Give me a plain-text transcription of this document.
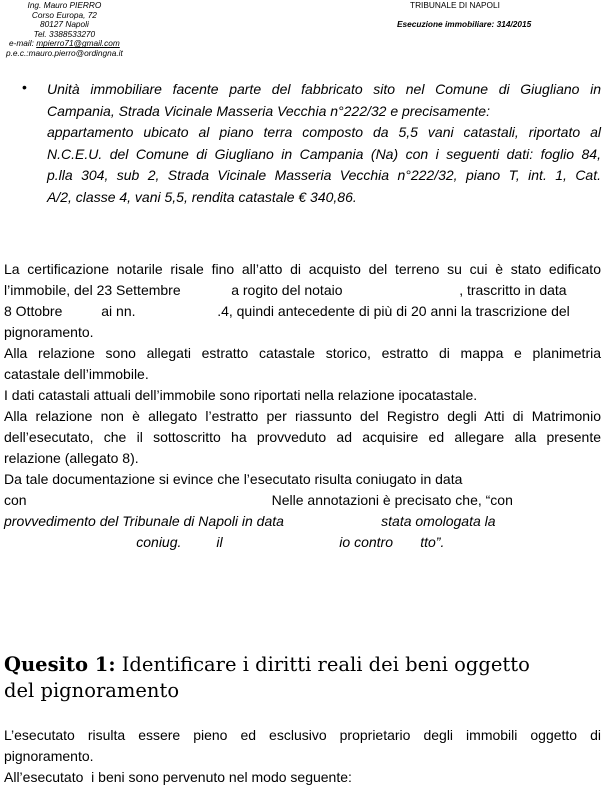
Ing. Mauro PIERRO
Corso Europa, 72
80127 Napoli
Tel. 3388533270
e-mail: mpierro71@gmail.com
p.e.c.:mauro.pierro@ordingna.it
TRIBUNALE DI NAPOLI
Esecuzione immobiliare: 314/2015
• Unità immobiliare facente parte del fabbricato sito nel Comune di Giugliano in
Campania, Strada Vicinale Masseria Vecchia n°222/32 e precisamente:
appartamento ubicato al piano terra composto da 5,5 vani catastali, riportato al
N.C.E.U. del Comune di Giugliano in Campania (Na) con i seguenti dati: foglio 84,
p.lla 304, sub 2, Strada Vicinale Masseria Vecchia n°222/32, piano T, int. 1, Cat.
A/2, classe 4, vani 5,5, rendita catastale € 340,86.
La certificazione notarile risale fino all’atto di acquisto del terreno su cui è stato edificato
l’immobile, del 23 Settembre             a rogito del notaio                              , trascritto in data
8 Ottobre          ai nn.                     .4, quindi antecedente di più di 20 anni la trascrizione del
pignoramento.
Alla relazione sono allegati estratto catastale storico, estratto di mappa e planimetria
catastale dell’immobile.
I dati catastali attuali dell’immobile sono riportati nella relazione ipocatastale.
Alla relazione non è allegato l’estratto per riassunto del Registro degli Atti di Matrimonio
dell’esecutato, che il sottoscritto ha provveduto ad acquisire ed allegare alla presente
relazione (allegato 8).
Da tale documentazione si evince che l’esecutato risulta coniugato in data
con                                                               Nelle annotazioni è precisato che, “con
provvedimento del Tribunale di Napoli in data                         stata omologata la
coniug.         il                              io contro       tto”.
Quesito 1: Identificare i diritti reali dei beni oggetto
del pignoramento
L’esecutato risulta essere pieno ed esclusivo proprietario degli immobili oggetto di
pignoramento.
All’esecutato  i beni sono pervenuto nel modo seguente:
